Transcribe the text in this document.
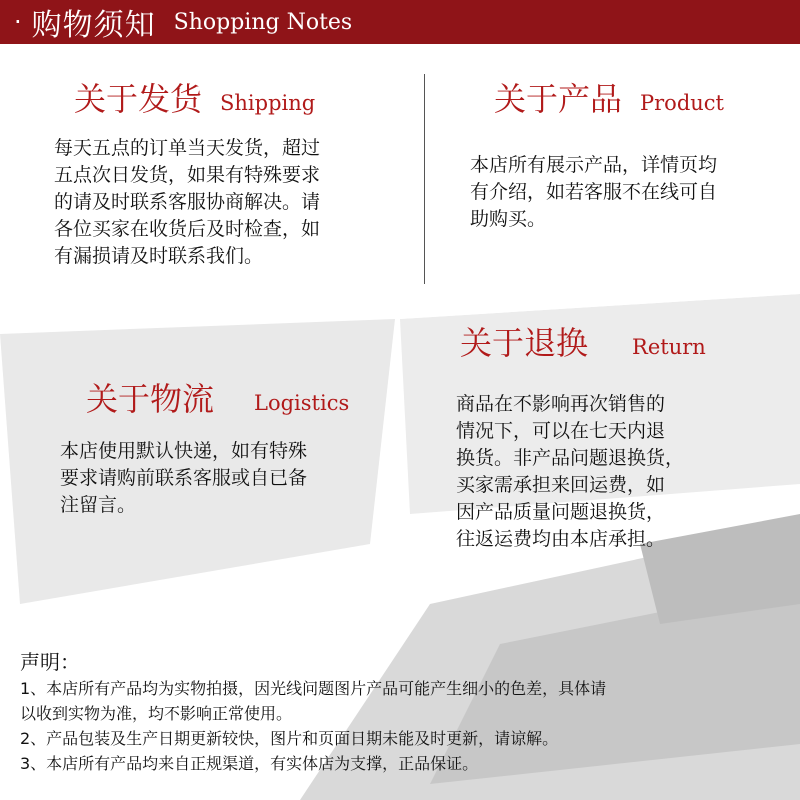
· 购物须知 Shopping Notes
关于发货 Shipping
每天五点的订单当天发货，超过
五点次日发货，如果有特殊要求
的请及时联系客服协商解决。请
各位买家在收货后及时检查，如
有漏损请及时联系我们。
关于产品 Product
本店所有展示产品，详情页均
有介绍，如若客服不在线可自
助购买。
关于退换 Return
商品在不影响再次销售的
情况下，可以在七天内退
换货。非产品问题退换货，
买家需承担来回运费，如
因产品质量问题退换货，
往返运费均由本店承担。
关于物流 Logistics
本店使用默认快递，如有特殊
要求请购前联系客服或自已备
注留言。
声明：
1、本店所有产品均为实物拍摄，因光线问题图片产品可能产生细小的色差，具体请
以收到实物为准，均不影响正常使用。
2、产品包装及生产日期更新较快，图片和页面日期未能及时更新，请谅解。
3、本店所有产品均来自正规渠道，有实体店为支撑，正品保证。
